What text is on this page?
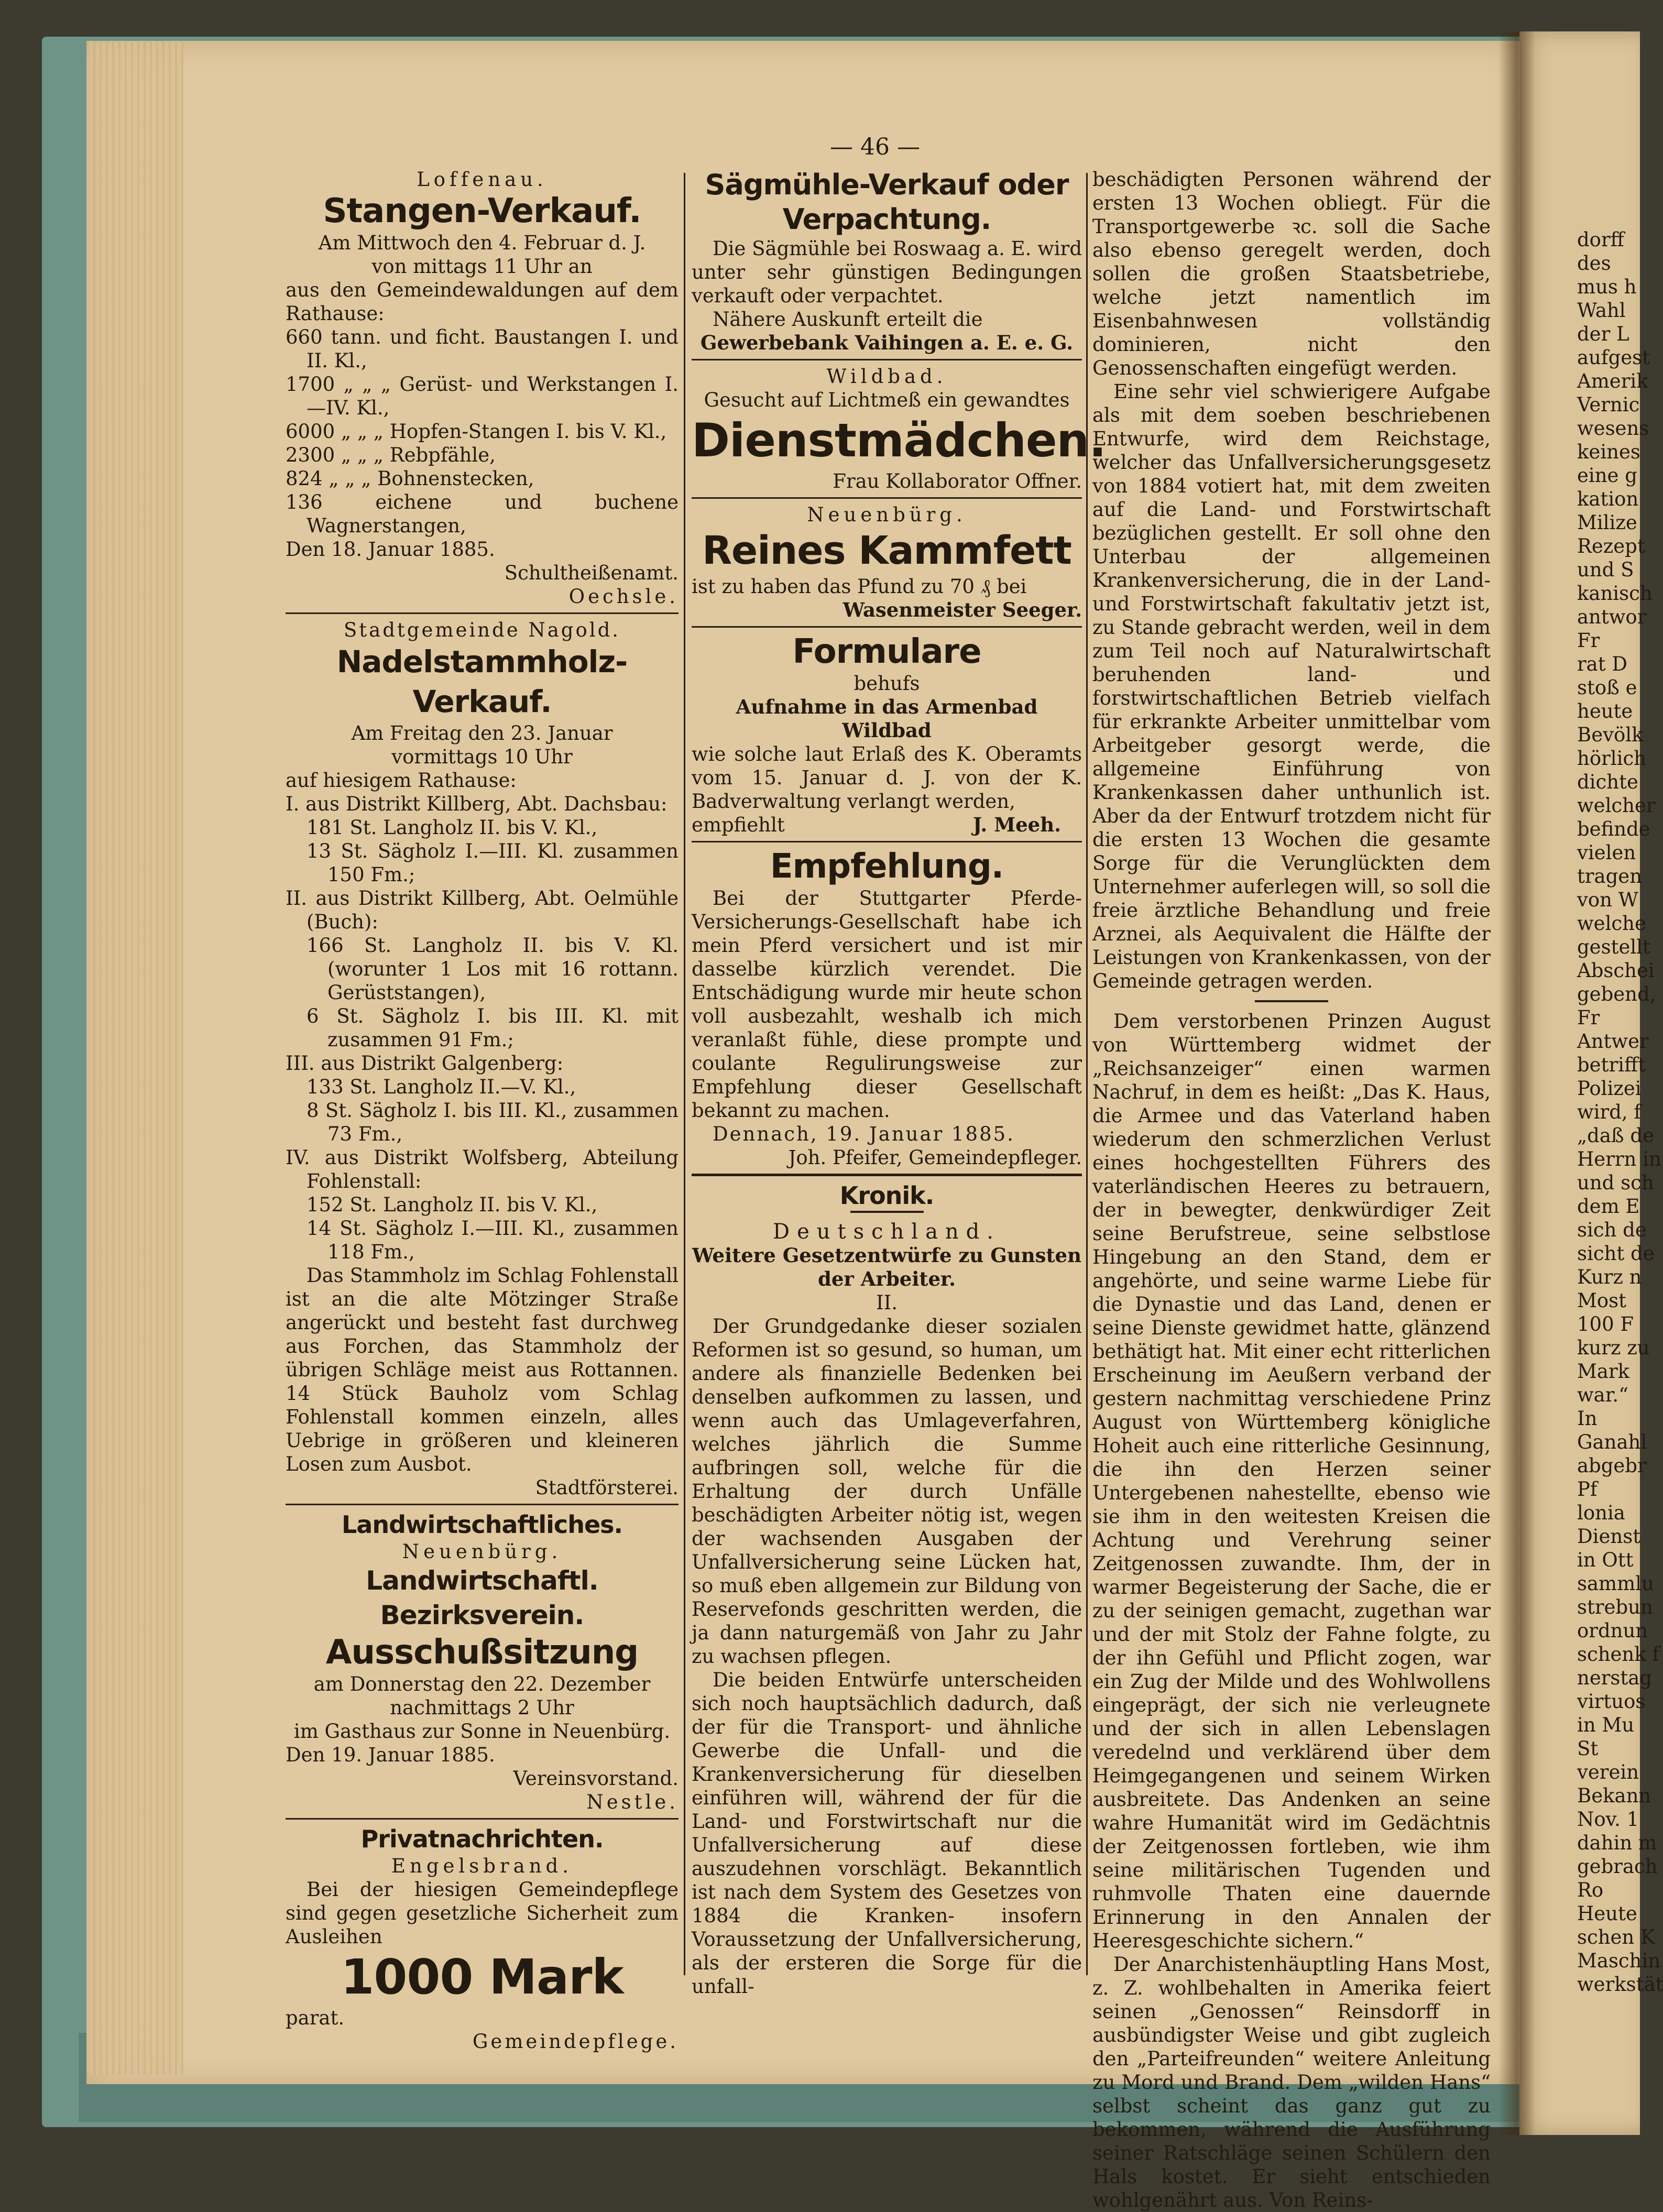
dorff

des

mus h

Wahl

der L

aufgest

Amerik

Vernic

wesens

keines

eine g

kation

Milize

Rezept

und S

kanisch

antwor

Fr

rat D

stoß e

heute

Bevölk

hörlich

dichte

welcher

befinde

vielen

tragen

von W

welche

gestellt

Abschei

gebend,

Fr

Antwer

betrifft

Polizei

wird, f

„daß de

Herrn in

und sch

dem E

sich de

sicht de

Kurz n

Most

100 F

kurz zu

Mark

war.“

In

Ganahl

abgebr

Pf

lonia

Dienst

in Ott

sammlu

strebun

ordnun

schenk f

nerstag

virtuos

in Mu

St

verein

Bekann

Nov. 1

dahin m

gebrach

Ro

Heute

schen K

Maschin

werkstät

— 46 —

Loffenau.

Stangen-Verkauf.

Am Mittwoch den 4. Februar d. J.

von mittags 11 Uhr an

aus den Gemeindewaldungen auf dem Rathause:

660 tann. und ficht. Baustangen I. und II. Kl.,

1700 „ „ „ Gerüst- und Werkstangen I.—IV. Kl.,

6000 „ „ „ Hopfen-Stangen I. bis V. Kl.,

2300 „ „ „ Rebpfähle,

824 „ „ „ Bohnenstecken,

136 eichene und buchene Wagnerstangen,

Den 18. Januar 1885.

Schultheißenamt.

Oechsle.

Stadtgemeinde Nagold.

Nadelstammholz-Verkauf.

Am Freitag den 23. Januar

vormittags 10 Uhr

auf hiesigem Rathause:

I. aus Distrikt Killberg, Abt. Dachsbau:

181 St. Langholz II. bis V. Kl.,

13 St. Sägholz I.—III. Kl. zusammen 150 Fm.;

II. aus Distrikt Killberg, Abt. Oelmühle (Buch):

166 St. Langholz II. bis V. Kl. (worunter 1 Los mit 16 rottann. Gerüststangen),

6 St. Sägholz I. bis III. Kl. mit zusammen 91 Fm.;

III. aus Distrikt Galgenberg:

133 St. Langholz II.—V. Kl.,

8 St. Sägholz I. bis III. Kl., zusammen 73 Fm.,

IV. aus Distrikt Wolfsberg, Abteilung Fohlenstall:

152 St. Langholz II. bis V. Kl.,

14 St. Sägholz I.—III. Kl., zusammen 118 Fm.,

Das Stammholz im Schlag Fohlenstall ist an die alte Mötzinger Straße angerückt und besteht fast durchweg aus Forchen, das Stammholz der übrigen Schläge meist aus Rottannen. 14 Stück Bauholz vom Schlag Fohlenstall kommen einzeln, alles Uebrige in größeren und kleineren Losen zum Ausbot.

Stadtförsterei.

Landwirtschaftliches.

Neuenbürg.

Landwirtschaftl. Bezirksverein.

Ausschußsitzung

am Donnerstag den 22. Dezember

nachmittags 2 Uhr

im Gasthaus zur Sonne in Neuenbürg.

Den 19. Januar 1885.

Vereinsvorstand.

Nestle.

Privatnachrichten.

Engelsbrand.

Bei der hiesigen Gemeindepflege sind gegen gesetzliche Sicherheit zum Ausleihen

1000 Mark

parat.

Gemeindepflege.

Sägmühle-Verkauf oder Verpachtung.

Die Sägmühle bei Roswaag a. E. wird unter sehr günstigen Bedingungen verkauft oder verpachtet.

Nähere Auskunft erteilt die

Gewerbebank Vaihingen a. E. e. G.

Wildbad.

Gesucht auf Lichtmeß ein gewandtes

Dienstmädchen.

Frau Kollaborator Offner.

Neuenbürg.

Reines Kammfett

ist zu haben das Pfund zu 70 ₰ bei

Wasenmeister Seeger.

Formulare

behufs

Aufnahme in das Armenbad Wildbad

wie solche laut Erlaß des K. Oberamts vom 15. Januar d. J. von der K. Badverwaltung verlangt werden,

empfiehlt	J. Meeh.

Empfehlung.

Bei der Stuttgarter Pferde-Versicherungs-Gesellschaft habe ich mein Pferd versichert und ist mir dasselbe kürzlich verendet. Die Entschädigung wurde mir heute schon voll ausbezahlt, weshalb ich mich veranlaßt fühle, diese prompte und coulante Regulirungsweise zur Empfehlung dieser Gesellschaft bekannt zu machen.

Dennach, 19. Januar 1885.

Joh. Pfeifer, Gemeindepfleger.

Kronik.

Deutschland.

Weitere Gesetzentwürfe zu Gunsten der Arbeiter.

II.

Der Grundgedanke dieser sozialen Reformen ist so gesund, so human, um andere als finanzielle Bedenken bei denselben aufkommen zu lassen, und wenn auch das Umlageverfahren, welches jährlich die Summe aufbringen soll, welche für die Erhaltung der durch Unfälle beschädigten Arbeiter nötig ist, wegen der wachsenden Ausgaben der Unfallversicherung seine Lücken hat, so muß eben allgemein zur Bildung von Reservefonds geschritten werden, die ja dann naturgemäß von Jahr zu Jahr zu wachsen pflegen.

Die beiden Entwürfe unterscheiden sich noch hauptsächlich dadurch, daß der für die Transport- und ähnliche Gewerbe die Unfall- und die Krankenversicherung für dieselben einführen will, während der für die Land- und Forstwirtschaft nur die Unfallversicherung auf diese auszudehnen vorschlägt. Bekanntlich ist nach dem System des Gesetzes von 1884 die Kranken- insofern Voraussetzung der Unfallversicherung, als der ersteren die Sorge für die unfall-

beschädigten Personen während der ersten 13 Wochen obliegt. Für die Transportgewerbe ꝛc. soll die Sache also ebenso geregelt werden, doch sollen die großen Staatsbetriebe, welche jetzt namentlich im Eisenbahnwesen vollständig dominieren, nicht den Genossenschaften eingefügt werden.

Eine sehr viel schwierigere Aufgabe als mit dem soeben beschriebenen Entwurfe, wird dem Reichstage, welcher das Unfallversicherungsgesetz von 1884 votiert hat, mit dem zweiten auf die Land- und Forstwirtschaft bezüglichen gestellt. Er soll ohne den Unterbau der allgemeinen Krankenversicherung, die in der Land- und Forstwirtschaft fakultativ jetzt ist, zu Stande gebracht werden, weil in dem zum Teil noch auf Naturalwirtschaft beruhenden land- und forstwirtschaftlichen Betrieb vielfach für erkrankte Arbeiter unmittelbar vom Arbeitgeber gesorgt werde, die allgemeine Einführung von Krankenkassen daher unthunlich ist. Aber da der Entwurf trotzdem nicht für die ersten 13 Wochen die gesamte Sorge für die Verunglückten dem Unternehmer auferlegen will, so soll die freie ärztliche Behandlung und freie Arznei, als Aequivalent die Hälfte der Leistungen von Krankenkassen, von der Gemeinde getragen werden.

Dem verstorbenen Prinzen August von Württemberg widmet der „Reichsanzeiger“ einen warmen Nachruf, in dem es heißt: „Das K. Haus, die Armee und das Vaterland haben wiederum den schmerzlichen Verlust eines hochgestellten Führers des vaterländischen Heeres zu betrauern, der in bewegter, denkwürdiger Zeit seine Berufstreue, seine selbstlose Hingebung an den Stand, dem er angehörte, und seine warme Liebe für die Dynastie und das Land, denen er seine Dienste gewidmet hatte, glänzend bethätigt hat. Mit einer echt ritterlichen Erscheinung im Aeußern verband der gestern nachmittag verschiedene Prinz August von Württemberg königliche Hoheit auch eine ritterliche Gesinnung, die ihn den Herzen seiner Untergebenen nahestellte, ebenso wie sie ihm in den weitesten Kreisen die Achtung und Verehrung seiner Zeitgenossen zuwandte. Ihm, der in warmer Begeisterung der Sache, die er zu der seinigen gemacht, zugethan war und der mit Stolz der Fahne folgte, zu der ihn Gefühl und Pflicht zogen, war ein Zug der Milde und des Wohlwollens eingeprägt, der sich nie verleugnete und der sich in allen Lebenslagen veredelnd und verklärend über dem Heimgegangenen und seinem Wirken ausbreitete. Das Andenken an seine wahre Humanität wird im Gedächtnis der Zeitgenossen fortleben, wie ihm seine militärischen Tugenden und ruhmvolle Thaten eine dauernde Erinnerung in den Annalen der Heeresgeschichte sichern.“

Der Anarchistenhäuptling Hans Most, z. Z. wohlbehalten in Amerika feiert seinen „Genossen“ Reinsdorff in ausbündigster Weise und gibt zugleich den „Parteifreunden“ weitere Anleitung zu Mord und Brand. Dem „wilden Hans“ selbst scheint das ganz gut zu bekommen, während die Ausführung seiner Ratschläge seinen Schülern den Hals kostet. Er sieht entschieden wohlgenährt aus. Von Reins-
